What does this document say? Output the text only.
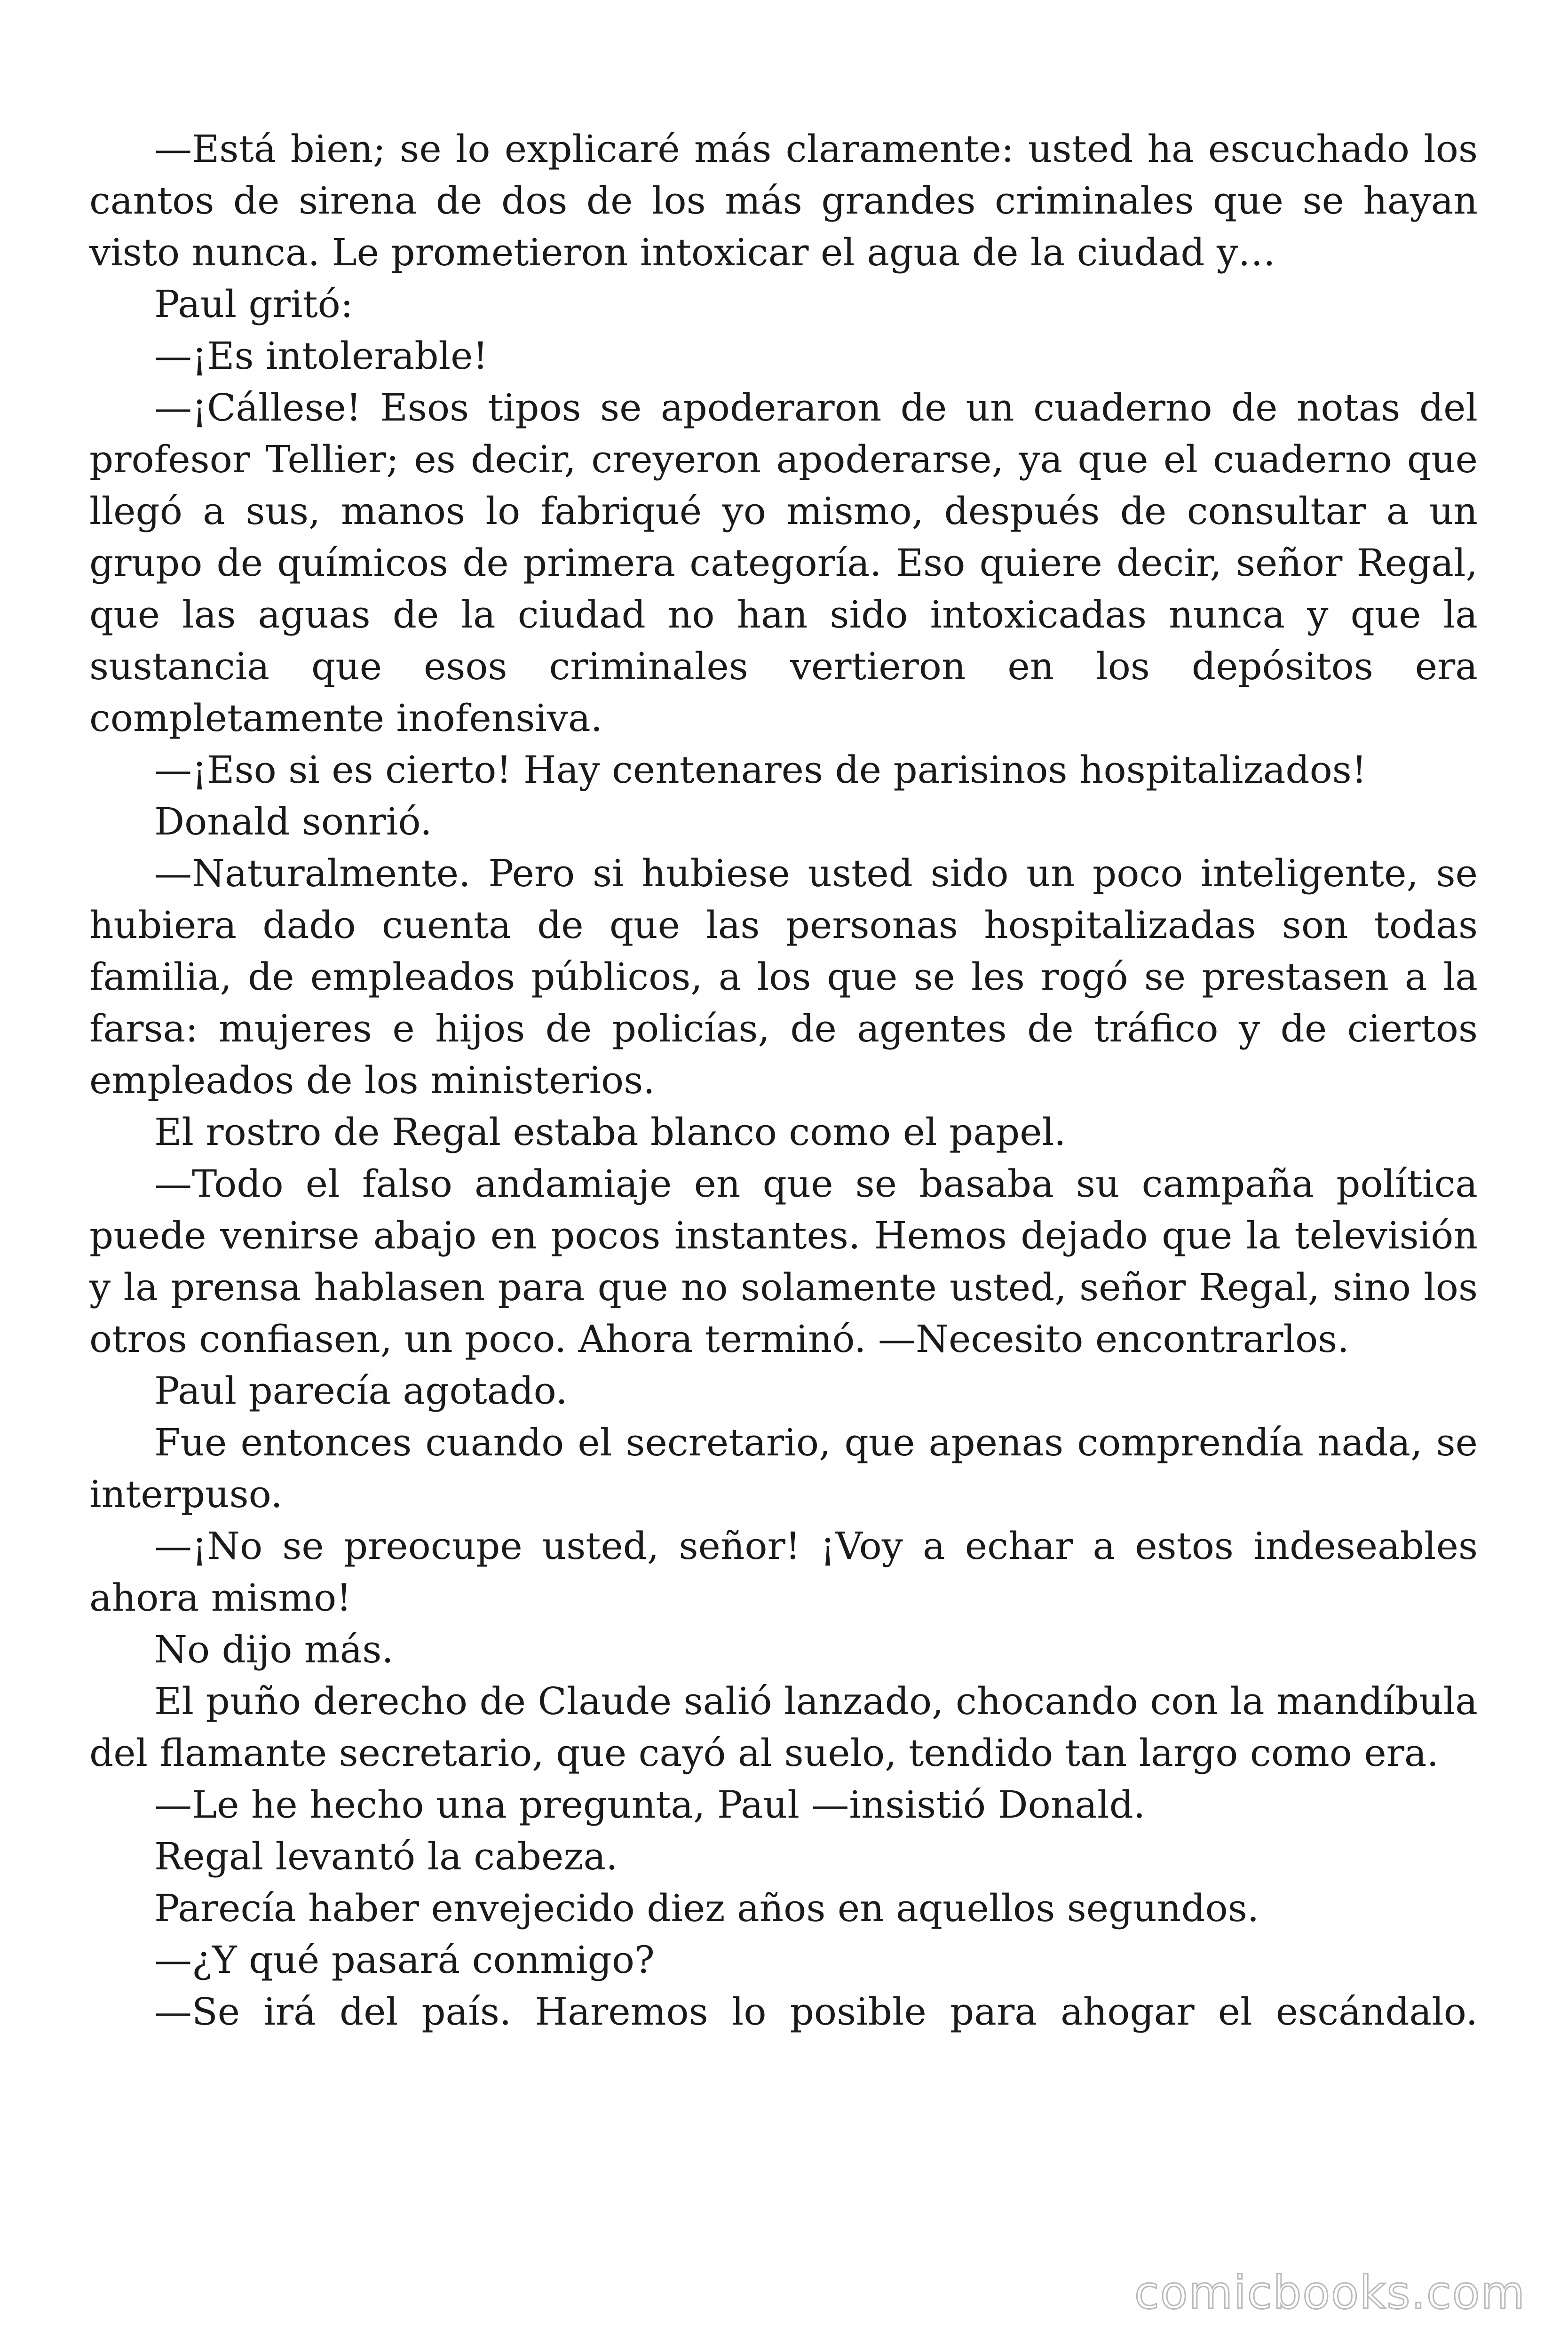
—Está bien; se lo explicaré más claramente: usted ha escuchado los cantos de sirena de dos de los más grandes criminales que se hayan visto nunca. Le prometieron intoxicar el agua de la ciudad y…

Paul gritó:

—¡Es intolerable!

—¡Cállese! Esos tipos se apoderaron de un cuaderno de notas del profesor Tellier; es decir, creyeron apoderarse, ya que el cuaderno que llegó a sus, manos lo fabriqué yo mismo, después de consultar a un grupo de químicos de primera categoría. Eso quiere decir, señor Regal, que las aguas de la ciudad no han sido intoxicadas nunca y que la sustancia que esos criminales vertieron en los depósitos era completamente inofensiva.

—¡Eso si es cierto! Hay centenares de parisinos hospitalizados!

Donald sonrió.

—Naturalmente. Pero si hubiese usted sido un poco inteligente, se hubiera dado cuenta de que las personas hospitalizadas son todas familia, de empleados públicos, a los que se les rogó se prestasen a la farsa: mujeres e hijos de policías, de agentes de tráfico y de ciertos empleados de los ministerios.

El rostro de Regal estaba blanco como el papel.

—Todo el falso andamiaje en que se basaba su campaña política puede venirse abajo en pocos instantes. Hemos dejado que la televisión y la prensa hablasen para que no solamente usted, señor Regal, sino los otros confiasen, un poco. Ahora terminó. —Necesito encontrarlos.

Paul parecía agotado.

Fue entonces cuando el secretario, que apenas comprendía nada, se interpuso.

—¡No se preocupe usted, señor! ¡Voy a echar a estos indeseables ahora mismo!

No dijo más.

El puño derecho de Claude salió lanzado, chocando con la mandíbula del flamante secretario, que cayó al suelo, tendido tan largo como era.

—Le he hecho una pregunta, Paul —insistió Donald.

Regal levantó la cabeza.

Parecía haber envejecido diez años en aquellos segundos.

—¿Y qué pasará conmigo?

—Se irá del país. Haremos lo posible para ahogar el escándalo.

comicbooks.com
